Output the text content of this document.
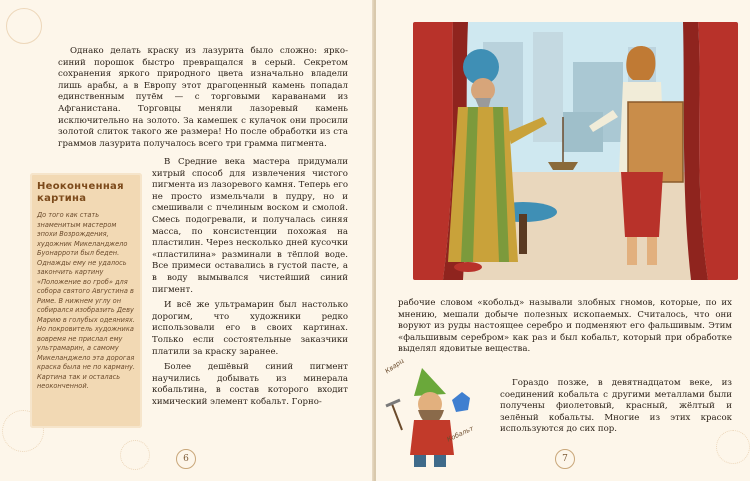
Однако делать краску из лазурита было сложно: ярко-синий порошок быстро превращался в серый. Секретом сохранения яркого природного цвета изначально владели лишь арабы, а в Европу этот драгоценный камень попадал единственным путём — с торговыми караванами из Афганистана. Торговцы меняли лазоревый камень исключительно на золото. За камешек с кулачок они просили золотой слиток такого же размера! Но после обработки из ста граммов лазурита получалось всего три грамма пигмента.

В Средние века мастера придумали хитрый способ для извлечения чистого пигмента из лазоревого камня. Теперь его не просто измельчали в пудру, но и смешивали с пчелиным воском и смолой. Смесь подогревали, и получалась синяя масса, по консистенции похожая на пластилин. Через несколько дней кусочки «пластилина» разминали в тёплой воде. Все примеси оставались в густой пасте, а в воду вымывался чистейший синий пигмент.

И всё же ультрамарин был настолько дорогим, что художники редко использовали его в своих картинах. Только если состоятельные заказчики платили за краску заранее.

Более дешёвый синий пигмент научились добывать из минерала кобальтина, в состав которого входит химический элемент кобальт. Горно-

Неоконченная картина
До того как стать знаменитым мастером эпохи Возрождения, художник Микеланджело Буонарроти был беден. Однажды ему не удалось закончить картину «Положение во гроб» для собора святого Августина в Риме. В нижнем углу он собирался изобразить Деву Марию в голубых одеяниях. Но покровитель художника вовремя не прислал ему ультрамарин, а самому Микеланджело эта дорогая краска была не по карману. Картина так и осталась неоконченной.
6

рабочие словом «кобольд» называли злобных гномов, которые, по их мнению, мешали добыче полезных ископаемых. Считалось, что они воруют из руды настоящее серебро и подменяют его фальшивым. Этим «фальшивым серебром» как раз и был кобальт, который при обработке выделял ядовитые вещества.

Гораздо позже, в девятнадцатом веке, из соединений кобальта с другими металлами были получены фиолетовый, красный, жёлтый и зелёный кобальты. Многие из этих красок используются до сих пор.

Кварц
Кобальт
7
